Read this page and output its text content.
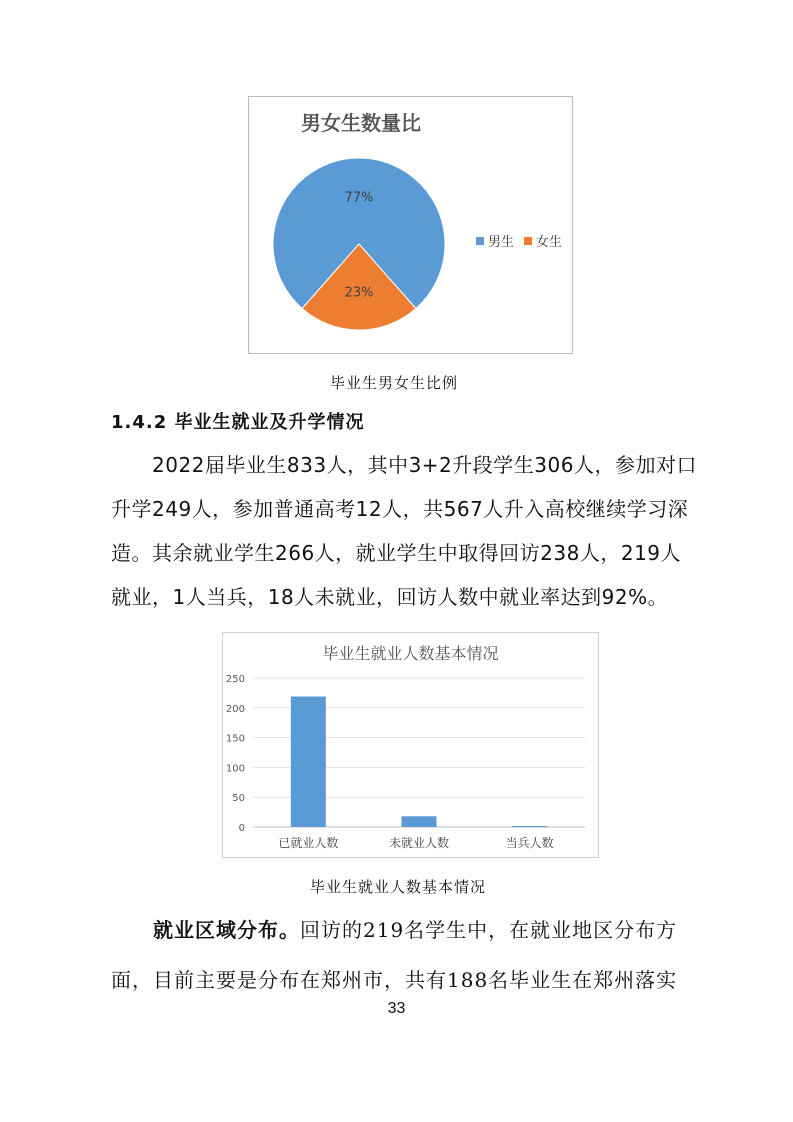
男女生数量比
77%
23%
男生 女生
毕业生男女生比例
1.4.2 毕业生就业及升学情况

　　2022届毕业生833人，其中3+2升段学生306人，参加对口

升学249人，参加普通高考12人，共567人升入高校继续学习深

造。其余就业学生266人，就业学生中取得回访238人，219人

就业，1人当兵，18人未就业，回访人数中就业率达到92%。

毕业生就业人数基本情况
0
50
100
150
200
250
已就业人数	未就业人数	当兵人数
毕业生就业人数基本情况

　　就业区域分布。回访的219名学生中，在就业地区分布方

面，目前主要是分布在郑州市，共有188名毕业生在郑州落实

33
